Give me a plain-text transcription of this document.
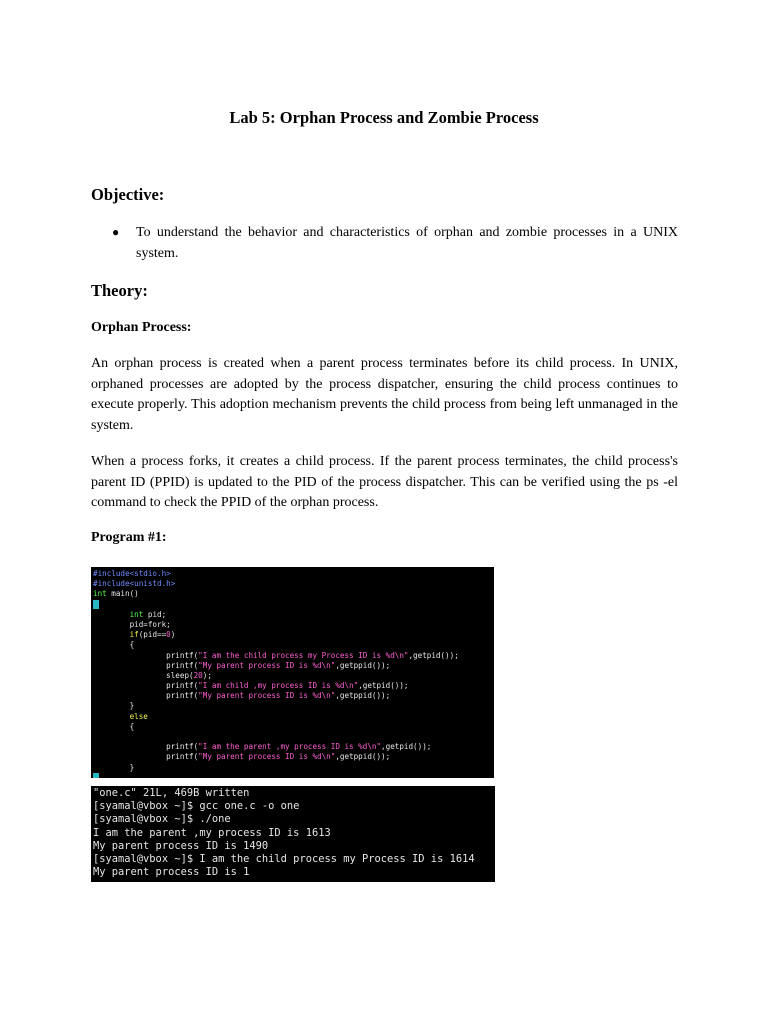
Lab 5: Orphan Process and Zombie Process
Objective:
● To understand the behavior and characteristics of orphan and zombie processes in a UNIX system.
Theory:
Orphan Process:

An orphan process is created when a parent process terminates before its child process. In UNIX, orphaned processes are adopted by the process dispatcher, ensuring the child process continues to execute properly. This adoption mechanism prevents the child process from being left unmanaged in the system.

When a process forks, it creates a child process. If the parent process terminates, the child process's parent ID (PPID) is updated to the PID of the process dispatcher. This can be verified using the ps -el command to check the PPID of the orphan process.

Program #1:
#include<stdio.h>
#include<unistd.h>
int main()
int pid;
pid=fork;
if(pid==0)
{
printf("I am the child process my Process ID is %d\n",getpid());
printf("My parent process ID is %d\n",getppid());
sleep(20);
printf("I am child ,my process ID is %d\n",getpid());
printf("My parent process ID is %d\n",getppid());
}
else
{
printf("I am the parent ,my process ID is %d\n",getpid());
printf("My parent process ID is %d\n",getppid());
}
"one.c" 21L, 469B written
[syamal@vbox ~]$ gcc one.c -o one
[syamal@vbox ~]$ ./one
I am the parent ,my process ID is 1613
My parent process ID is 1490
[syamal@vbox ~]$ I am the child process my Process ID is 1614
My parent process ID is 1
